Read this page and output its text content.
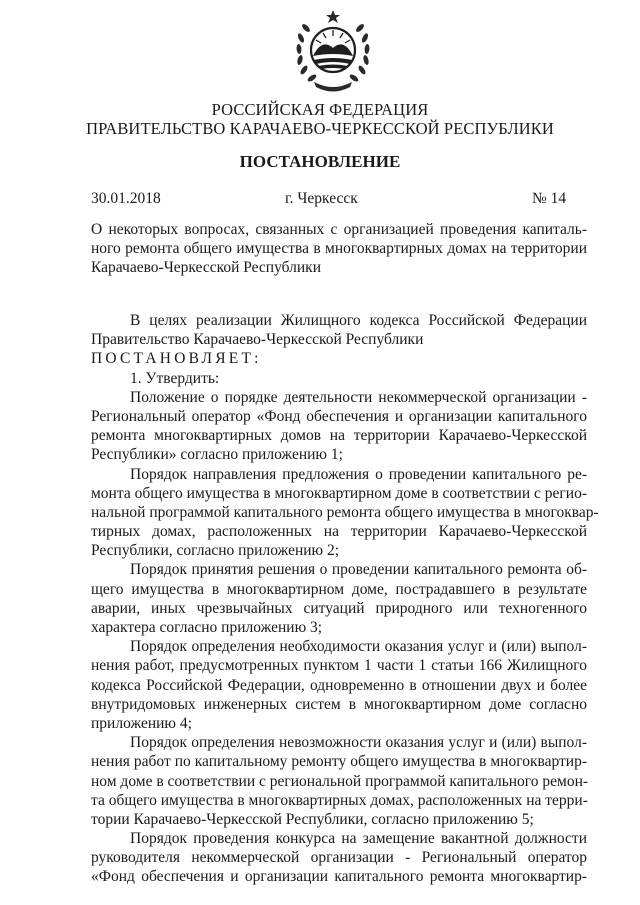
РОССИЙСКАЯ ФЕДЕРАЦИЯ
ПРАВИТЕЛЬСТВО КАРАЧАЕВО-ЧЕРКЕССКОЙ РЕСПУБЛИКИ
ПОСТАНОВЛЕНИЕ
30.01.2018	г. Черкесск	№ 14
О некоторых вопросах, связанных с организацией проведения капиталь-
ного ремонта общего имущества в многоквартирных домах на территории
Карачаево-Черкесской Республики
В целях реализации Жилищного кодекса Российской Федерации
Правительство Карачаево-Черкесской Республики
ПОСТАНОВЛЯЕТ:
1. Утвердить:
Положение о порядке деятельности некоммерческой организации -
Региональный оператор «Фонд обеспечения и организации капитального
ремонта многоквартирных домов на территории Карачаево-Черкесской
Республики» согласно приложению 1;
Порядок направления предложения о проведении капитального ре-
монта общего имущества в многоквартирном доме в соответствии с регио-
нальной программой капитального ремонта общего имущества в многоквар-
тирных домах, расположенных на территории Карачаево-Черкесской
Республики, согласно приложению 2;
Порядок принятия решения о проведении капитального ремонта об-
щего имущества в многоквартирном доме, пострадавшего в результате
аварии, иных чрезвычайных ситуаций природного или техногенного
характера согласно приложению 3;
Порядок определения необходимости оказания услуг и (или) выпол-
нения работ, предусмотренных пунктом 1 части 1 статьи 166 Жилищного
кодекса Российской Федерации, одновременно в отношении двух и более
внутридомовых инженерных систем в многоквартирном доме согласно
приложению 4;
Порядок определения невозможности оказания услуг и (или) выпол-
нения работ по капитальному ремонту общего имущества в многоквартир-
ном доме в соответствии с региональной программой капитального ремон-
та общего имущества в многоквартирных домах, расположенных на терри-
тории Карачаево-Черкесской Республики, согласно приложению 5;
Порядок проведения конкурса на замещение вакантной должности
руководителя некоммерческой организации - Региональный оператор
«Фонд обеспечения и организации капитального ремонта многоквартир-
